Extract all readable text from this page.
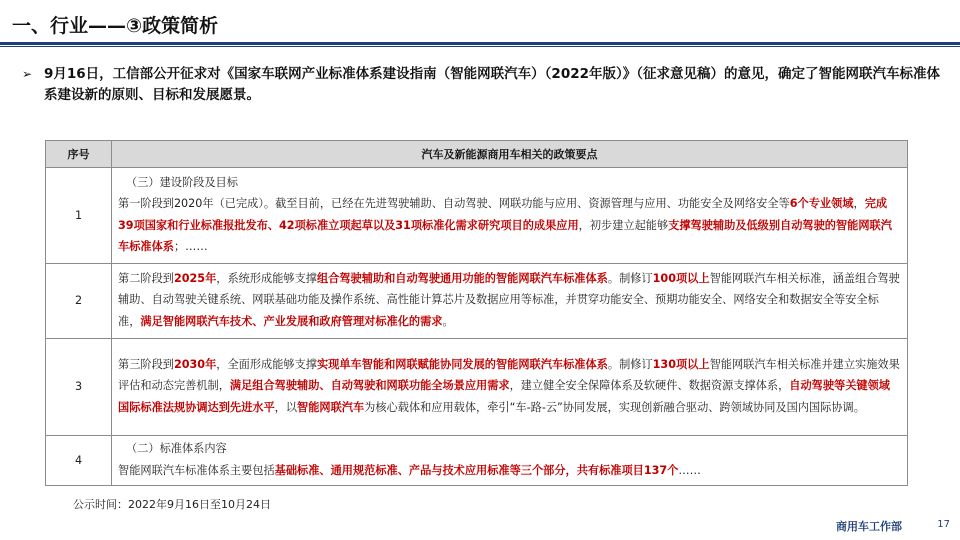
一、行业——③政策简析
➢ 9月16日，工信部公开征求对《国家车联网产业标准体系建设指南（智能网联汽车）（2022年版）》（征求意见稿）的意见，确定了智能网联汽车标准体系建设新的原则、目标和发展愿景。
序号	汽车及新能源商用车相关的政策要点
1	（三）建设阶段及目标
第一阶段到2020年（已完成）。截至目前，已经在先进驾驶辅助、自动驾驶、网联功能与应用、资源管理与应用、功能安全及网络安全等6个专业领域，完成39项国家和行业标准报批发布、42项标准立项起草以及31项标准化需求研究项目的成果应用，初步建立起能够支撑驾驶辅助及低级别自动驾驶的智能网联汽车标准体系；……
2	第二阶段到2025年，系统形成能够支撑组合驾驶辅助和自动驾驶通用功能的智能网联汽车标准体系。制修订100项以上智能网联汽车相关标准，涵盖组合驾驶辅助、自动驾驶关键系统、网联基础功能及操作系统、高性能计算芯片及数据应用等标准，并贯穿功能安全、预期功能安全、网络安全和数据安全等安全标准，满足智能网联汽车技术、产业发展和政府管理对标准化的需求。
3	第三阶段到2030年，全面形成能够支撑实现单车智能和网联赋能协同发展的智能网联汽车标准体系。制修订130项以上智能网联汽车相关标准并建立实施效果评估和动态完善机制，满足组合驾驶辅助、自动驾驶和网联功能全场景应用需求，建立健全安全保障体系及软硬件、数据资源支撑体系，自动驾驶等关键领域国际标准法规协调达到先进水平，以智能网联汽车为核心载体和应用载体，牵引“车-路-云”协同发展，实现创新融合驱动、跨领域协同及国内国际协调。
4	（二）标准体系内容
智能网联汽车标准体系主要包括基础标准、通用规范标准、产品与技术应用标准等三个部分，共有标准项目137个……
公示时间：2022年9月16日至10月24日
商用车工作部	17
